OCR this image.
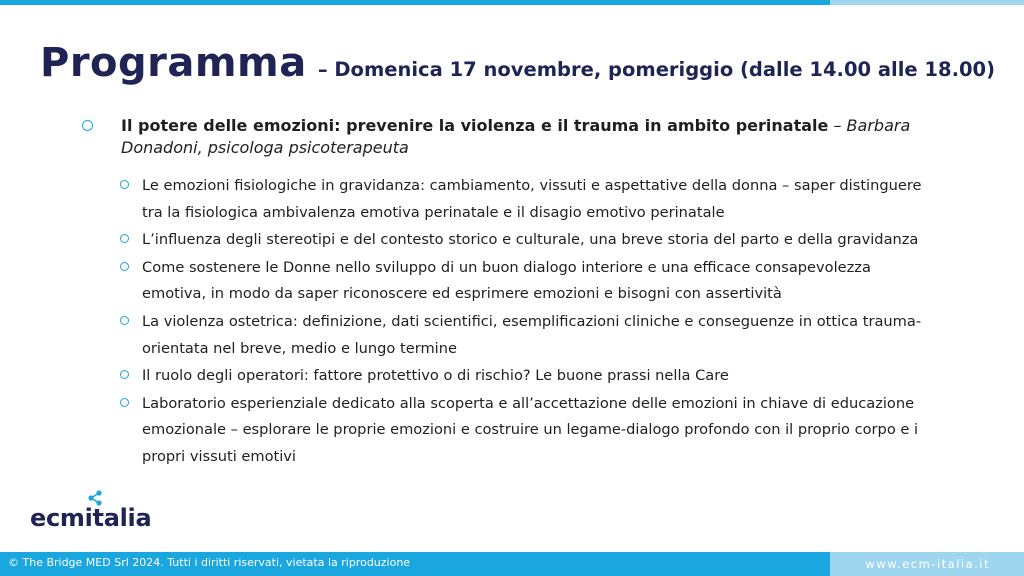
Programma – Domenica 17 novembre, pomeriggio (dalle 14.00 alle 18.00)
Il potere delle emozioni: prevenire la violenza e il trauma in ambito perinatale – Barbara Donadoni, psicologa psicoterapeuta
Le emozioni fisiologiche in gravidanza: cambiamento, vissuti e aspettative della donna – saper distinguere tra la fisiologica ambivalenza emotiva perinatale e il disagio emotivo perinatale
L’influenza degli stereotipi e del contesto storico e culturale, una breve storia del parto e della gravidanza
Come sostenere le Donne nello sviluppo di un buon dialogo interiore e una efficace consapevolezza emotiva, in modo da saper riconoscere ed esprimere emozioni e bisogni con assertività
La violenza ostetrica: definizione, dati scientifici, esemplificazioni cliniche e conseguenze in ottica trauma-orientata nel breve, medio e lungo termine
Il ruolo degli operatori: fattore protettivo o di rischio? Le buone prassi nella Care
Laboratorio esperienziale dedicato alla scoperta e all’accettazione delle emozioni in chiave di educazione emozionale – esplorare le proprie emozioni e costruire un legame-dialogo profondo con il proprio corpo e i propri vissuti emotivi
ecmitalia
© The Bridge MED Srl 2024. Tutti i diritti riservati, vietata la riproduzione	www.ecm-italia.it
